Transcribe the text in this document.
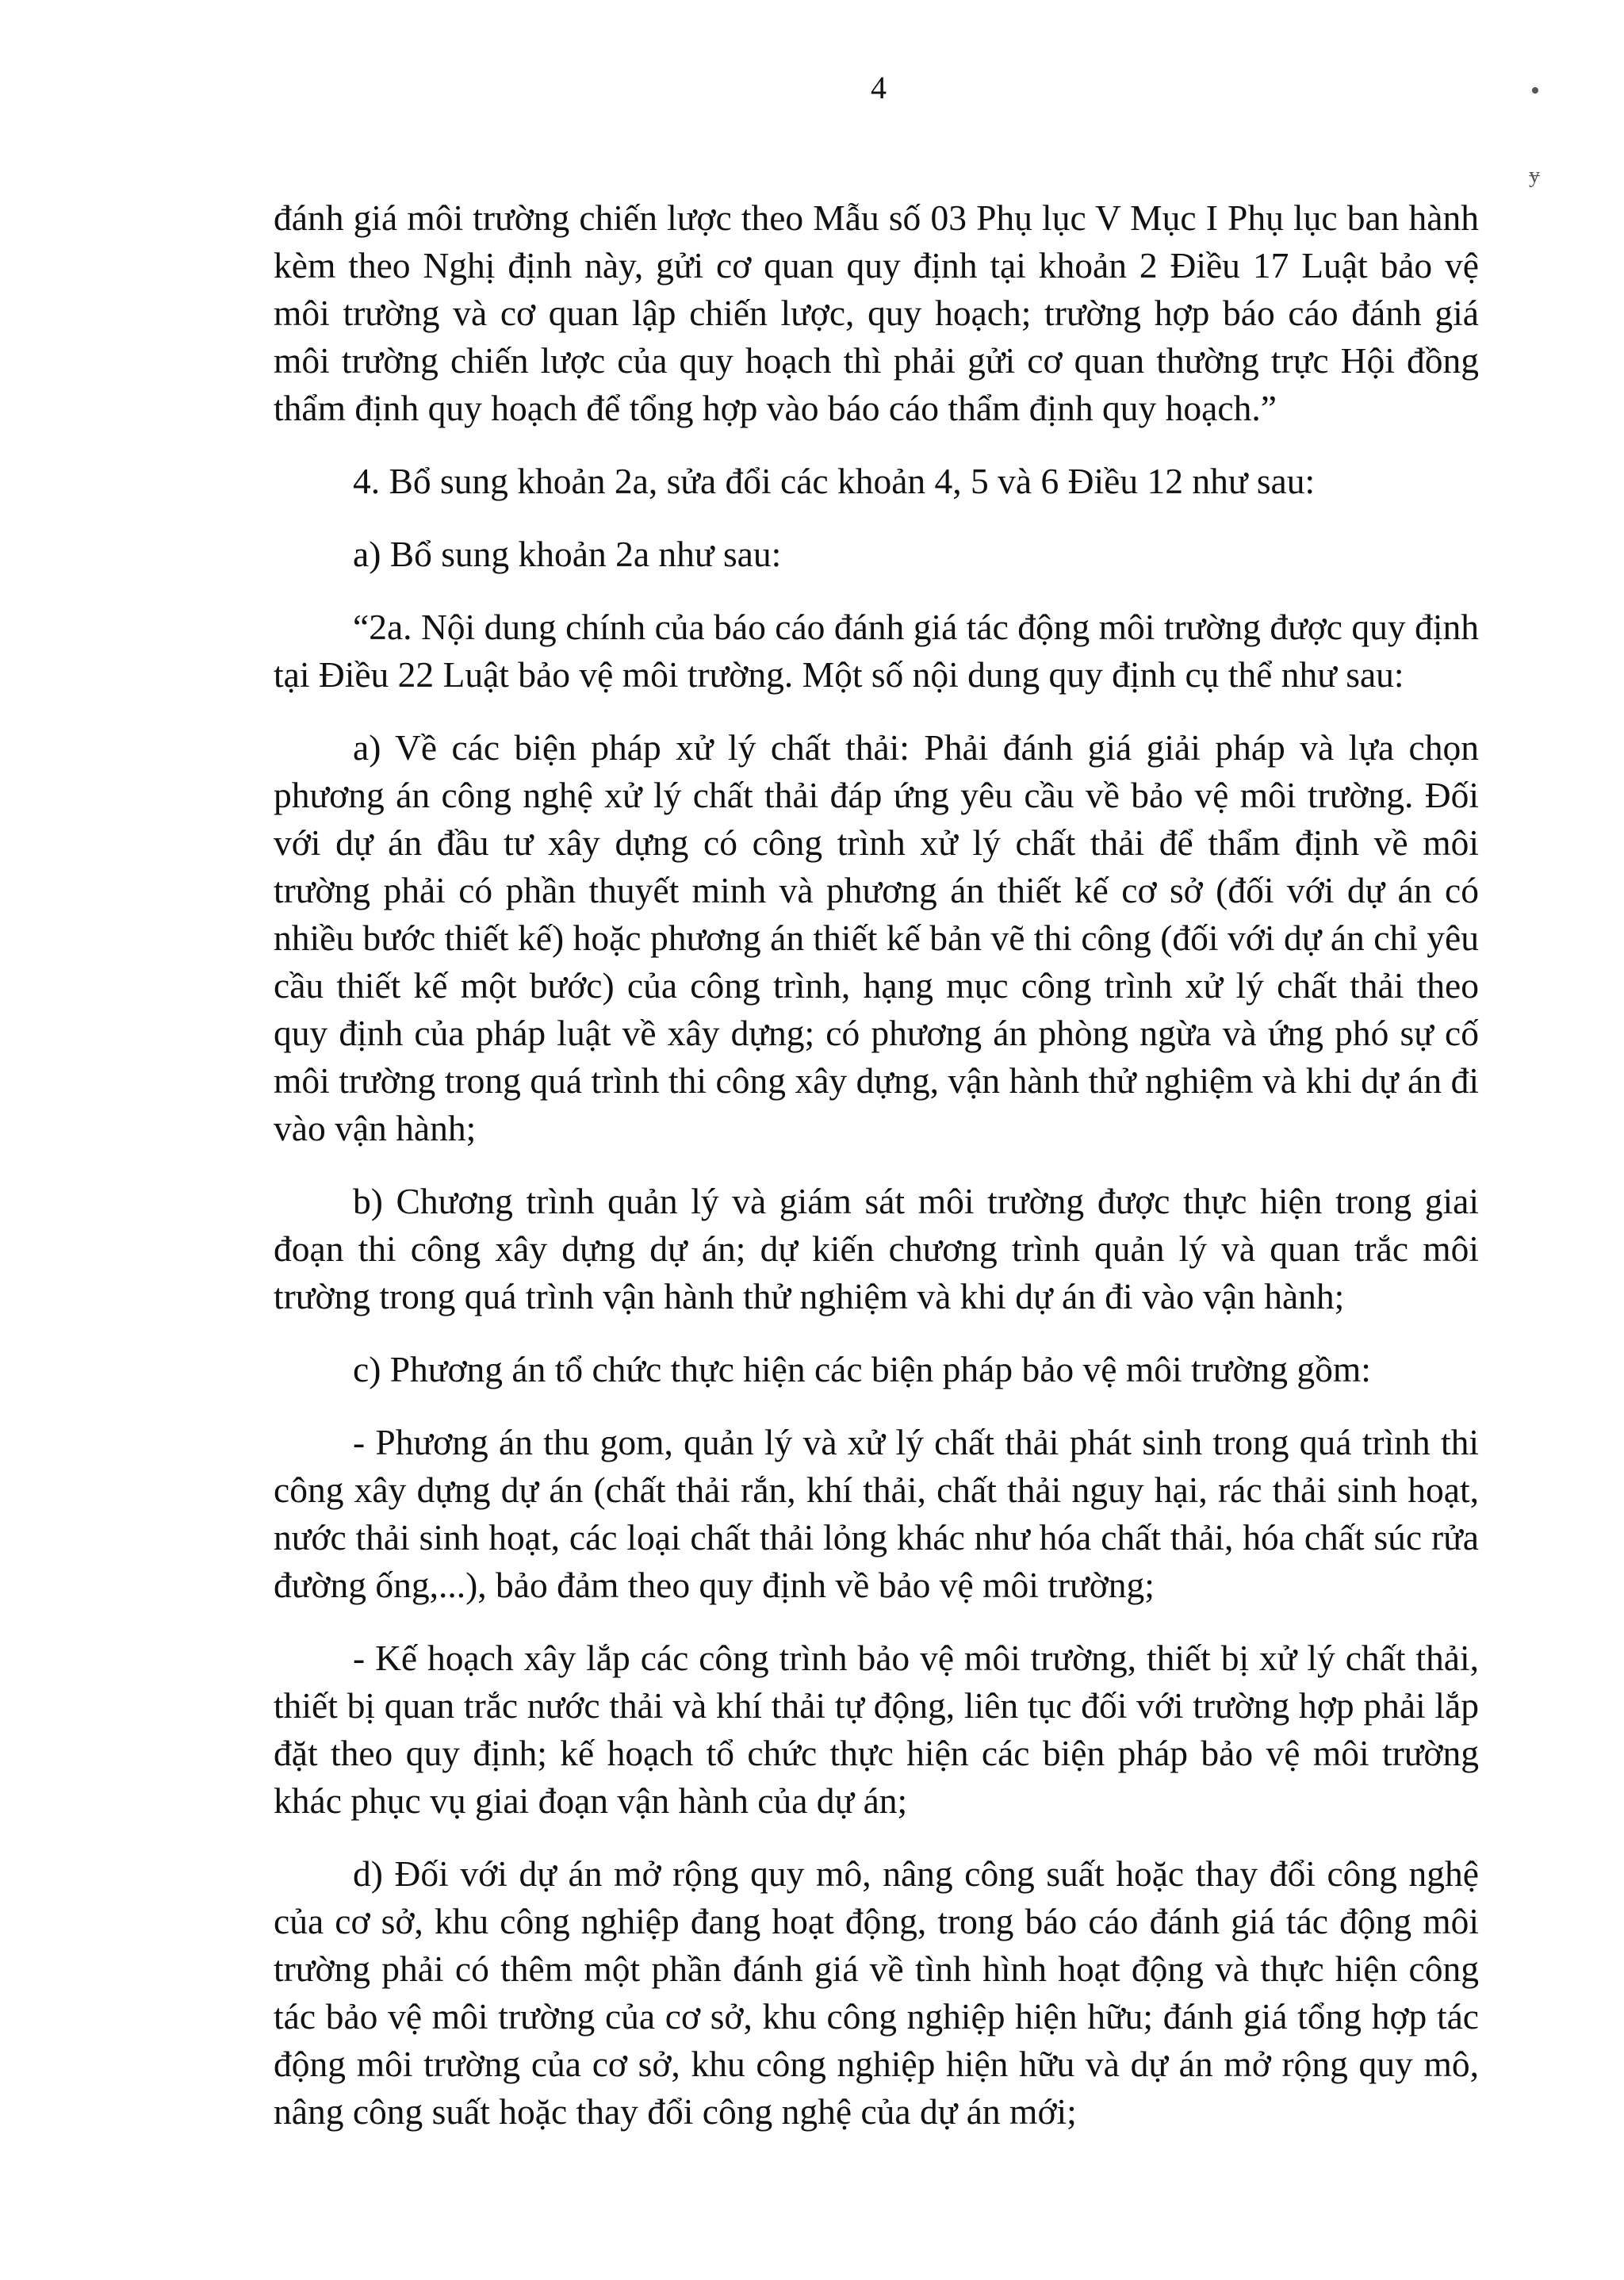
•
ɏ
4

đánh giá môi trường chiến lược theo Mẫu số 03 Phụ lục V Mục I Phụ lục ban hành kèm theo Nghị định này, gửi cơ quan quy định tại khoản 2 Điều 17 Luật bảo vệ môi trường và cơ quan lập chiến lược, quy hoạch; trường hợp báo cáo đánh giá môi trường chiến lược của quy hoạch thì phải gửi cơ quan thường trực Hội đồng thẩm định quy hoạch để tổng hợp vào báo cáo thẩm định quy hoạch.”

4. Bổ sung khoản 2a, sửa đổi các khoản 4, 5 và 6 Điều 12 như sau:

a) Bổ sung khoản 2a như sau:

“2a. Nội dung chính của báo cáo đánh giá tác động môi trường được quy định tại Điều 22 Luật bảo vệ môi trường. Một số nội dung quy định cụ thể như sau:

a) Về các biện pháp xử lý chất thải: Phải đánh giá giải pháp và lựa chọn phương án công nghệ xử lý chất thải đáp ứng yêu cầu về bảo vệ môi trường. Đối với dự án đầu tư xây dựng có công trình xử lý chất thải để thẩm định về môi trường phải có phần thuyết minh và phương án thiết kế cơ sở (đối với dự án có nhiều bước thiết kế) hoặc phương án thiết kế bản vẽ thi công (đối với dự án chỉ yêu cầu thiết kế một bước) của công trình, hạng mục công trình xử lý chất thải theo quy định của pháp luật về xây dựng; có phương án phòng ngừa và ứng phó sự cố môi trường trong quá trình thi công xây dựng, vận hành thử nghiệm và khi dự án đi vào vận hành;

b) Chương trình quản lý và giám sát môi trường được thực hiện trong giai đoạn thi công xây dựng dự án; dự kiến chương trình quản lý và quan trắc môi trường trong quá trình vận hành thử nghiệm và khi dự án đi vào vận hành;

c) Phương án tổ chức thực hiện các biện pháp bảo vệ môi trường gồm:

- Phương án thu gom, quản lý và xử lý chất thải phát sinh trong quá trình thi công xây dựng dự án (chất thải rắn, khí thải, chất thải nguy hại, rác thải sinh hoạt, nước thải sinh hoạt, các loại chất thải lỏng khác như hóa chất thải, hóa chất súc rửa đường ống,...), bảo đảm theo quy định về bảo vệ môi trường;

- Kế hoạch xây lắp các công trình bảo vệ môi trường, thiết bị xử lý chất thải, thiết bị quan trắc nước thải và khí thải tự động, liên tục đối với trường hợp phải lắp đặt theo quy định; kế hoạch tổ chức thực hiện các biện pháp bảo vệ môi trường khác phục vụ giai đoạn vận hành của dự án;

d) Đối với dự án mở rộng quy mô, nâng công suất hoặc thay đổi công nghệ của cơ sở, khu công nghiệp đang hoạt động, trong báo cáo đánh giá tác động môi trường phải có thêm một phần đánh giá về tình hình hoạt động và thực hiện công tác bảo vệ môi trường của cơ sở, khu công nghiệp hiện hữu; đánh giá tổng hợp tác động môi trường của cơ sở, khu công nghiệp hiện hữu và dự án mở rộng quy mô, nâng công suất hoặc thay đổi công nghệ của dự án mới;
